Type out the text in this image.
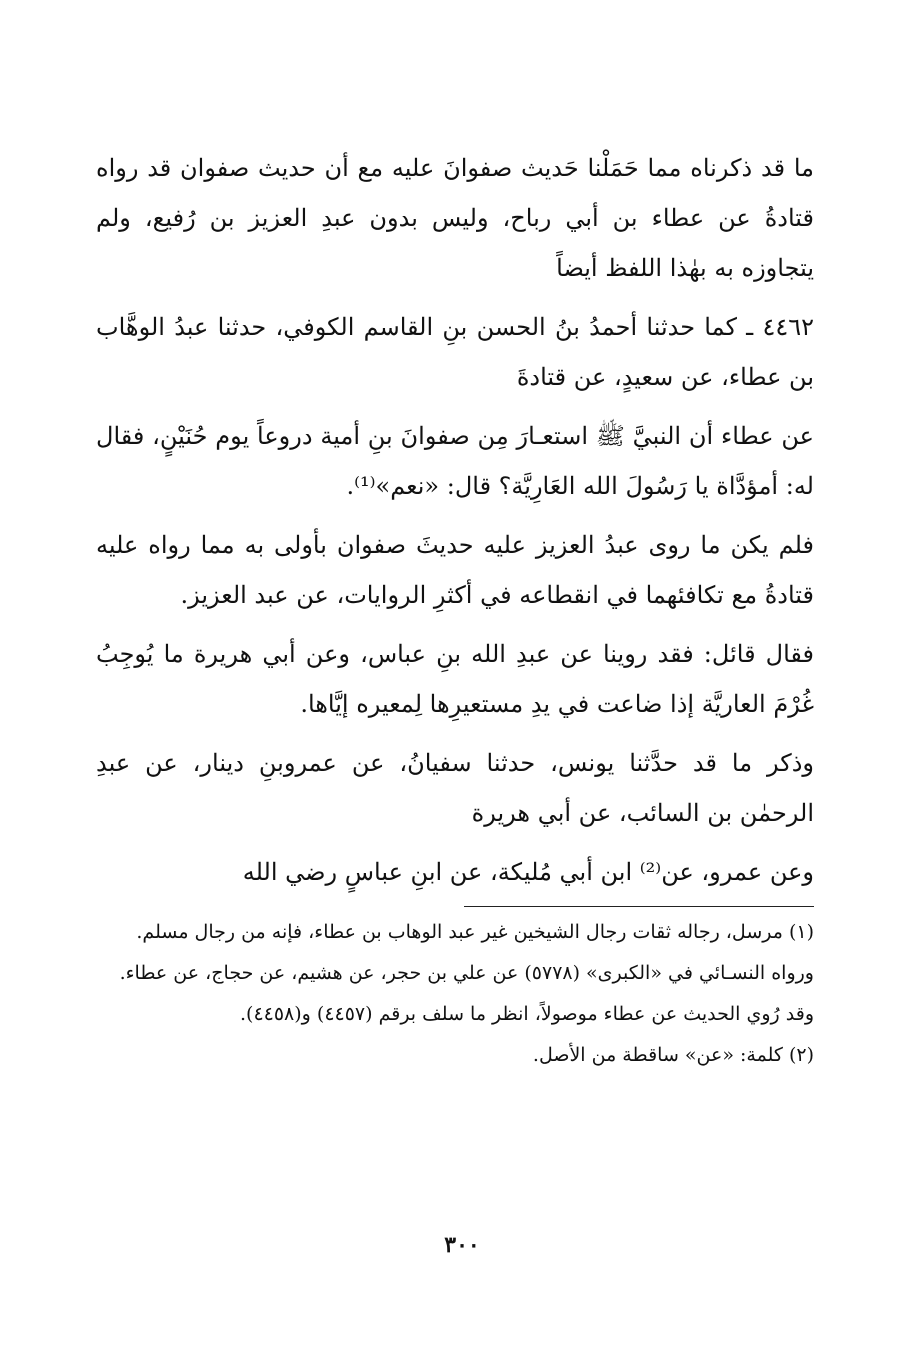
ما قد ذكرناه مما حَمَلْنا حَديث صفوانَ عليه مع أن حديث صفوان قد رواه قتادةُ عن عطاء بن أبي رباح، وليس بدون عبدِ العزيز بن رُفيع، ولم يتجاوزه به بهٰذا اللفظ أيضاً

٤٤٦٢ ـ كما حدثنا أحمدُ بنُ الحسن بنِ القاسم الكوفي، حدثنا عبدُ الوهَّاب بن عطاء، عن سعيدٍ، عن قتادةَ

عن عطاء أن النبيَّ ﷺ استعـارَ مِن صفوانَ بنِ أمية دروعاً يوم حُنَيْنٍ، فقال له: أمؤدَّاة يا رَسُولَ الله العَارِيَّة؟ قال: «نعم»⁽¹⁾.

فلم يكن ما روى عبدُ العزيز عليه حديثَ صفوان بأولى به مما رواه عليه قتادةُ مع تكافئهما في انقطاعه في أكثرِ الروايات، عن عبد العزيز.

فقال قائل: فقد روينا عن عبدِ الله بنِ عباس، وعن أبي هريرة ما يُوجِبُ غُرْمَ العاريَّة إذا ضاعت في يدِ مستعيرِها لِمعيره إيَّاها.

وذكر ما قد حدَّثنا يونس، حدثنا سفيانُ، عن عمروبنِ دينار، عن عبدِ الرحمٰن بن السائب، عن أبي هريرة

وعن عمرو، عن⁽²⁾ ابن أبي مُليكة، عن ابنِ عباسٍ رضي الله

(١) مرسل، رجاله ثقات رجال الشيخين غير عبد الوهاب بن عطاء، فإنه من رجال مسلم.

ورواه النسـائي في «الكبرى» (٥٧٧٨) عن علي بن حجر، عن هشيم، عن حجاج، عن عطاء.

وقد رُوي الحديث عن عطاء موصولاً، انظر ما سلف برقم (٤٤٥٧) و(٤٤٥٨).

(٢) كلمة: «عن» ساقطة من الأصل.

٣٠٠
